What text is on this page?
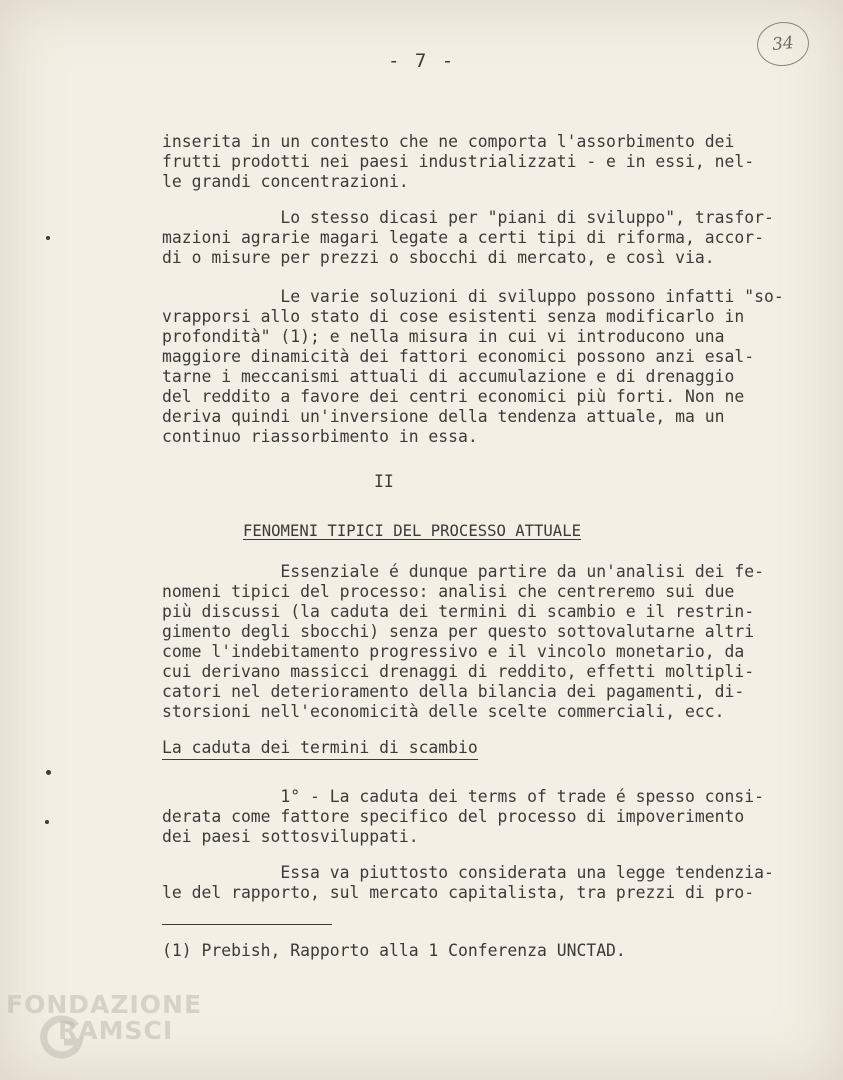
- 7 -
34
inserita in un contesto che ne comporta l'assorbimento dei
frutti prodotti nei paesi industrializzati - e in essi, nel-
le grandi concentrazioni.
Lo stesso dicasi per "piani di sviluppo", trasfor-
mazioni agrarie magari legate a certi tipi di riforma, accor-
di o misure per prezzi o sbocchi di mercato, e così via.
Le varie soluzioni di sviluppo possono infatti "so-
vrapporsi allo stato di cose esistenti senza modificarlo in
profondità" (1); e nella misura in cui vi introducono una
maggiore dinamicità dei fattori economici possono anzi esal-
tarne i meccanismi attuali di accumulazione e di drenaggio
del reddito a favore dei centri economici più forti. Non ne
deriva quindi un'inversione della tendenza attuale, ma un
continuo riassorbimento in essa.
II
FENOMENI TIPICI DEL PROCESSO ATTUALE
Essenziale é dunque partire da un'analisi dei fe-
nomeni tipici del processo: analisi che centreremo sui due
più discussi (la caduta dei termini di scambio e il restrin-
gimento degli sbocchi) senza per questo sottovalutarne altri
come l'indebitamento progressivo e il vincolo monetario, da
cui derivano massicci drenaggi di reddito, effetti moltipli-
catori nel deterioramento della bilancia dei pagamenti, di-
storsioni nell'economicità delle scelte commerciali, ecc.
La caduta dei termini di scambio
1° - La caduta dei terms of trade é spesso consi-
derata come fattore specifico del processo di impoverimento
dei paesi sottosviluppati.
Essa va piuttosto considerata una legge tendenzia-
le del rapporto, sul mercato capitalista, tra prezzi di pro-
(1) Prebish, Rapporto alla 1 Conferenza UNCTAD.
FONDAZIONE
RAMSCI
